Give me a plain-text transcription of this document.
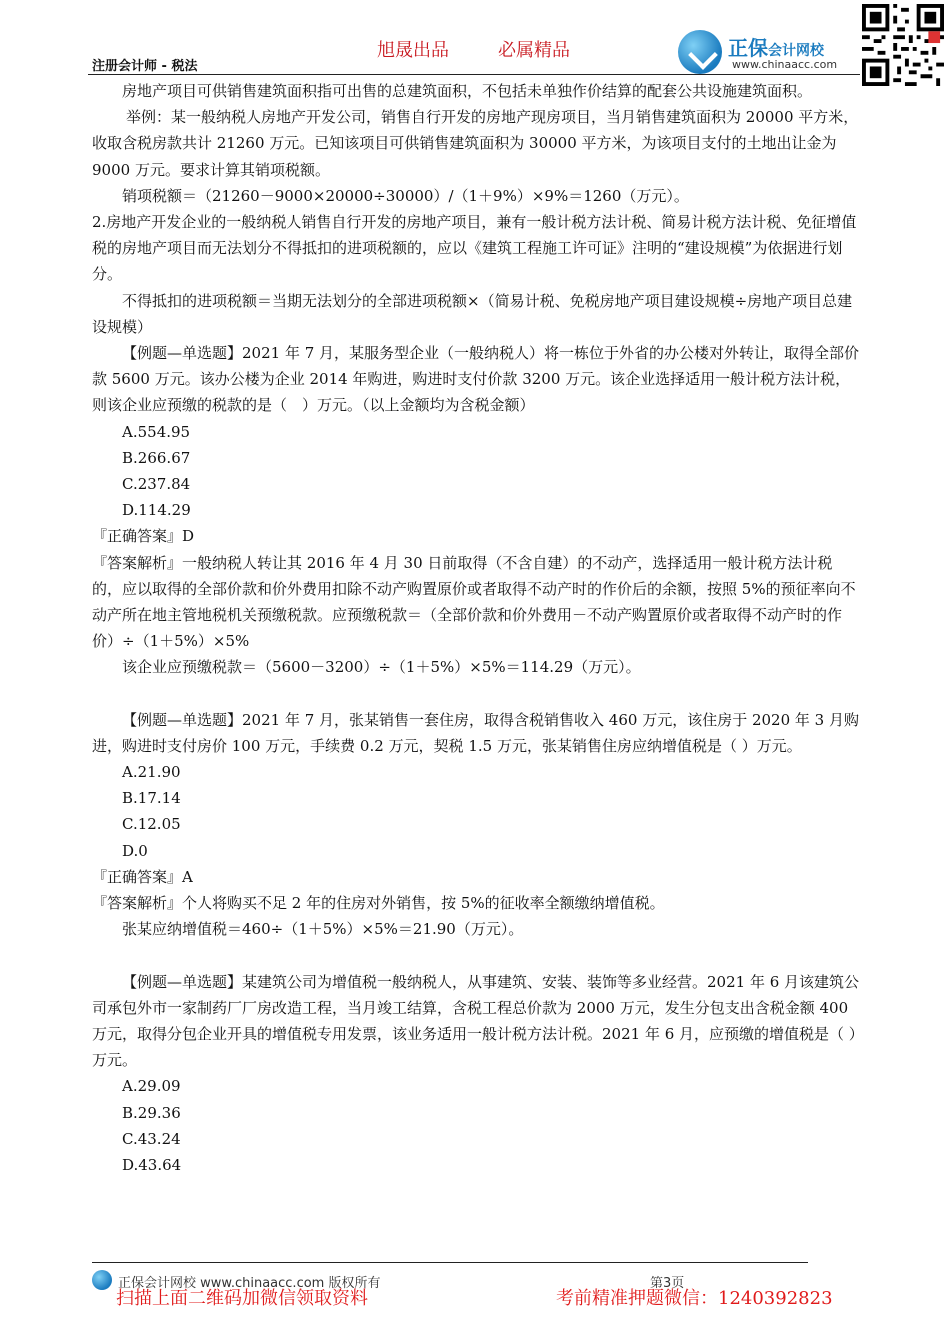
旭晟出品	必属精品
注册会计师 - 税法
正保会计网校
www.chinaacc.com

房地产项目可供销售建筑面积指可出售的总建筑面积，不包括未单独作价结算的配套公共设施建筑面积。

举例：某一般纳税人房地产开发公司，销售自行开发的房地产现房项目，当月销售建筑面积为 20000 平方米，收取含税房款共计 21260 万元。已知该项目可供销售建筑面积为 30000 平方米，为该项目支付的土地出让金为 9000 万元。要求计算其销项税额。

销项税额＝（21260－9000×20000÷30000）/（1＋9%）×9%＝1260（万元）。

2.房地产开发企业的一般纳税人销售自行开发的房地产项目，兼有一般计税方法计税、简易计税方法计税、免征增值税的房地产项目而无法划分不得抵扣的进项税额的，应以《建筑工程施工许可证》注明的“建设规模”为依据进行划分。

不得抵扣的进项税额＝当期无法划分的全部进项税额×（简易计税、免税房地产项目建设规模÷房地产项目总建设规模）

【例题—单选题】2021 年 7 月，某服务型企业（一般纳税人）将一栋位于外省的办公楼对外转让，取得全部价款 5600 万元。该办公楼为企业 2014 年购进，购进时支付价款 3200 万元。该企业选择适用一般计税方法计税，则该企业应预缴的税款的是（　）万元。（以上金额均为含税金额）

A.554.95

B.266.67

C.237.84

D.114.29

『正确答案』D

『答案解析』一般纳税人转让其 2016 年 4 月 30 日前取得（不含自建）的不动产，选择适用一般计税方法计税的，应以取得的全部价款和价外费用扣除不动产购置原价或者取得不动产时的作价后的余额，按照 5%的预征率向不动产所在地主管地税机关预缴税款。应预缴税款＝（全部价款和价外费用－不动产购置原价或者取得不动产时的作价）÷（1＋5%）×5%

该企业应预缴税款＝（5600－3200）÷（1＋5%）×5%＝114.29（万元）。

【例题—单选题】2021 年 7 月，张某销售一套住房，取得含税销售收入 460 万元，该住房于 2020 年 3 月购进，购进时支付房价 100 万元，手续费 0.2 万元，契税 1.5 万元，张某销售住房应纳增值税是（ ）万元。

A.21.90

B.17.14

C.12.05

D.0

『正确答案』A

『答案解析』个人将购买不足 2 年的住房对外销售，按 5%的征收率全额缴纳增值税。

张某应纳增值税＝460÷（1＋5%）×5%＝21.90（万元）。

【例题—单选题】某建筑公司为增值税一般纳税人，从事建筑、安装、装饰等多业经营。2021 年 6 月该建筑公司承包外市一家制药厂厂房改造工程，当月竣工结算，含税工程总价款为 2000 万元，发生分包支出含税金额 400 万元，取得分包企业开具的增值税专用发票，该业务适用一般计税方法计税。2021 年 6 月，应预缴的增值税是（ ）万元。

A.29.09

B.29.36

C.43.24

D.43.64

正保会计网校 www.chinaacc.com 版权所有	第3页
扫描上面二维码加微信领取资料	考前精准押题微信：1240392823
